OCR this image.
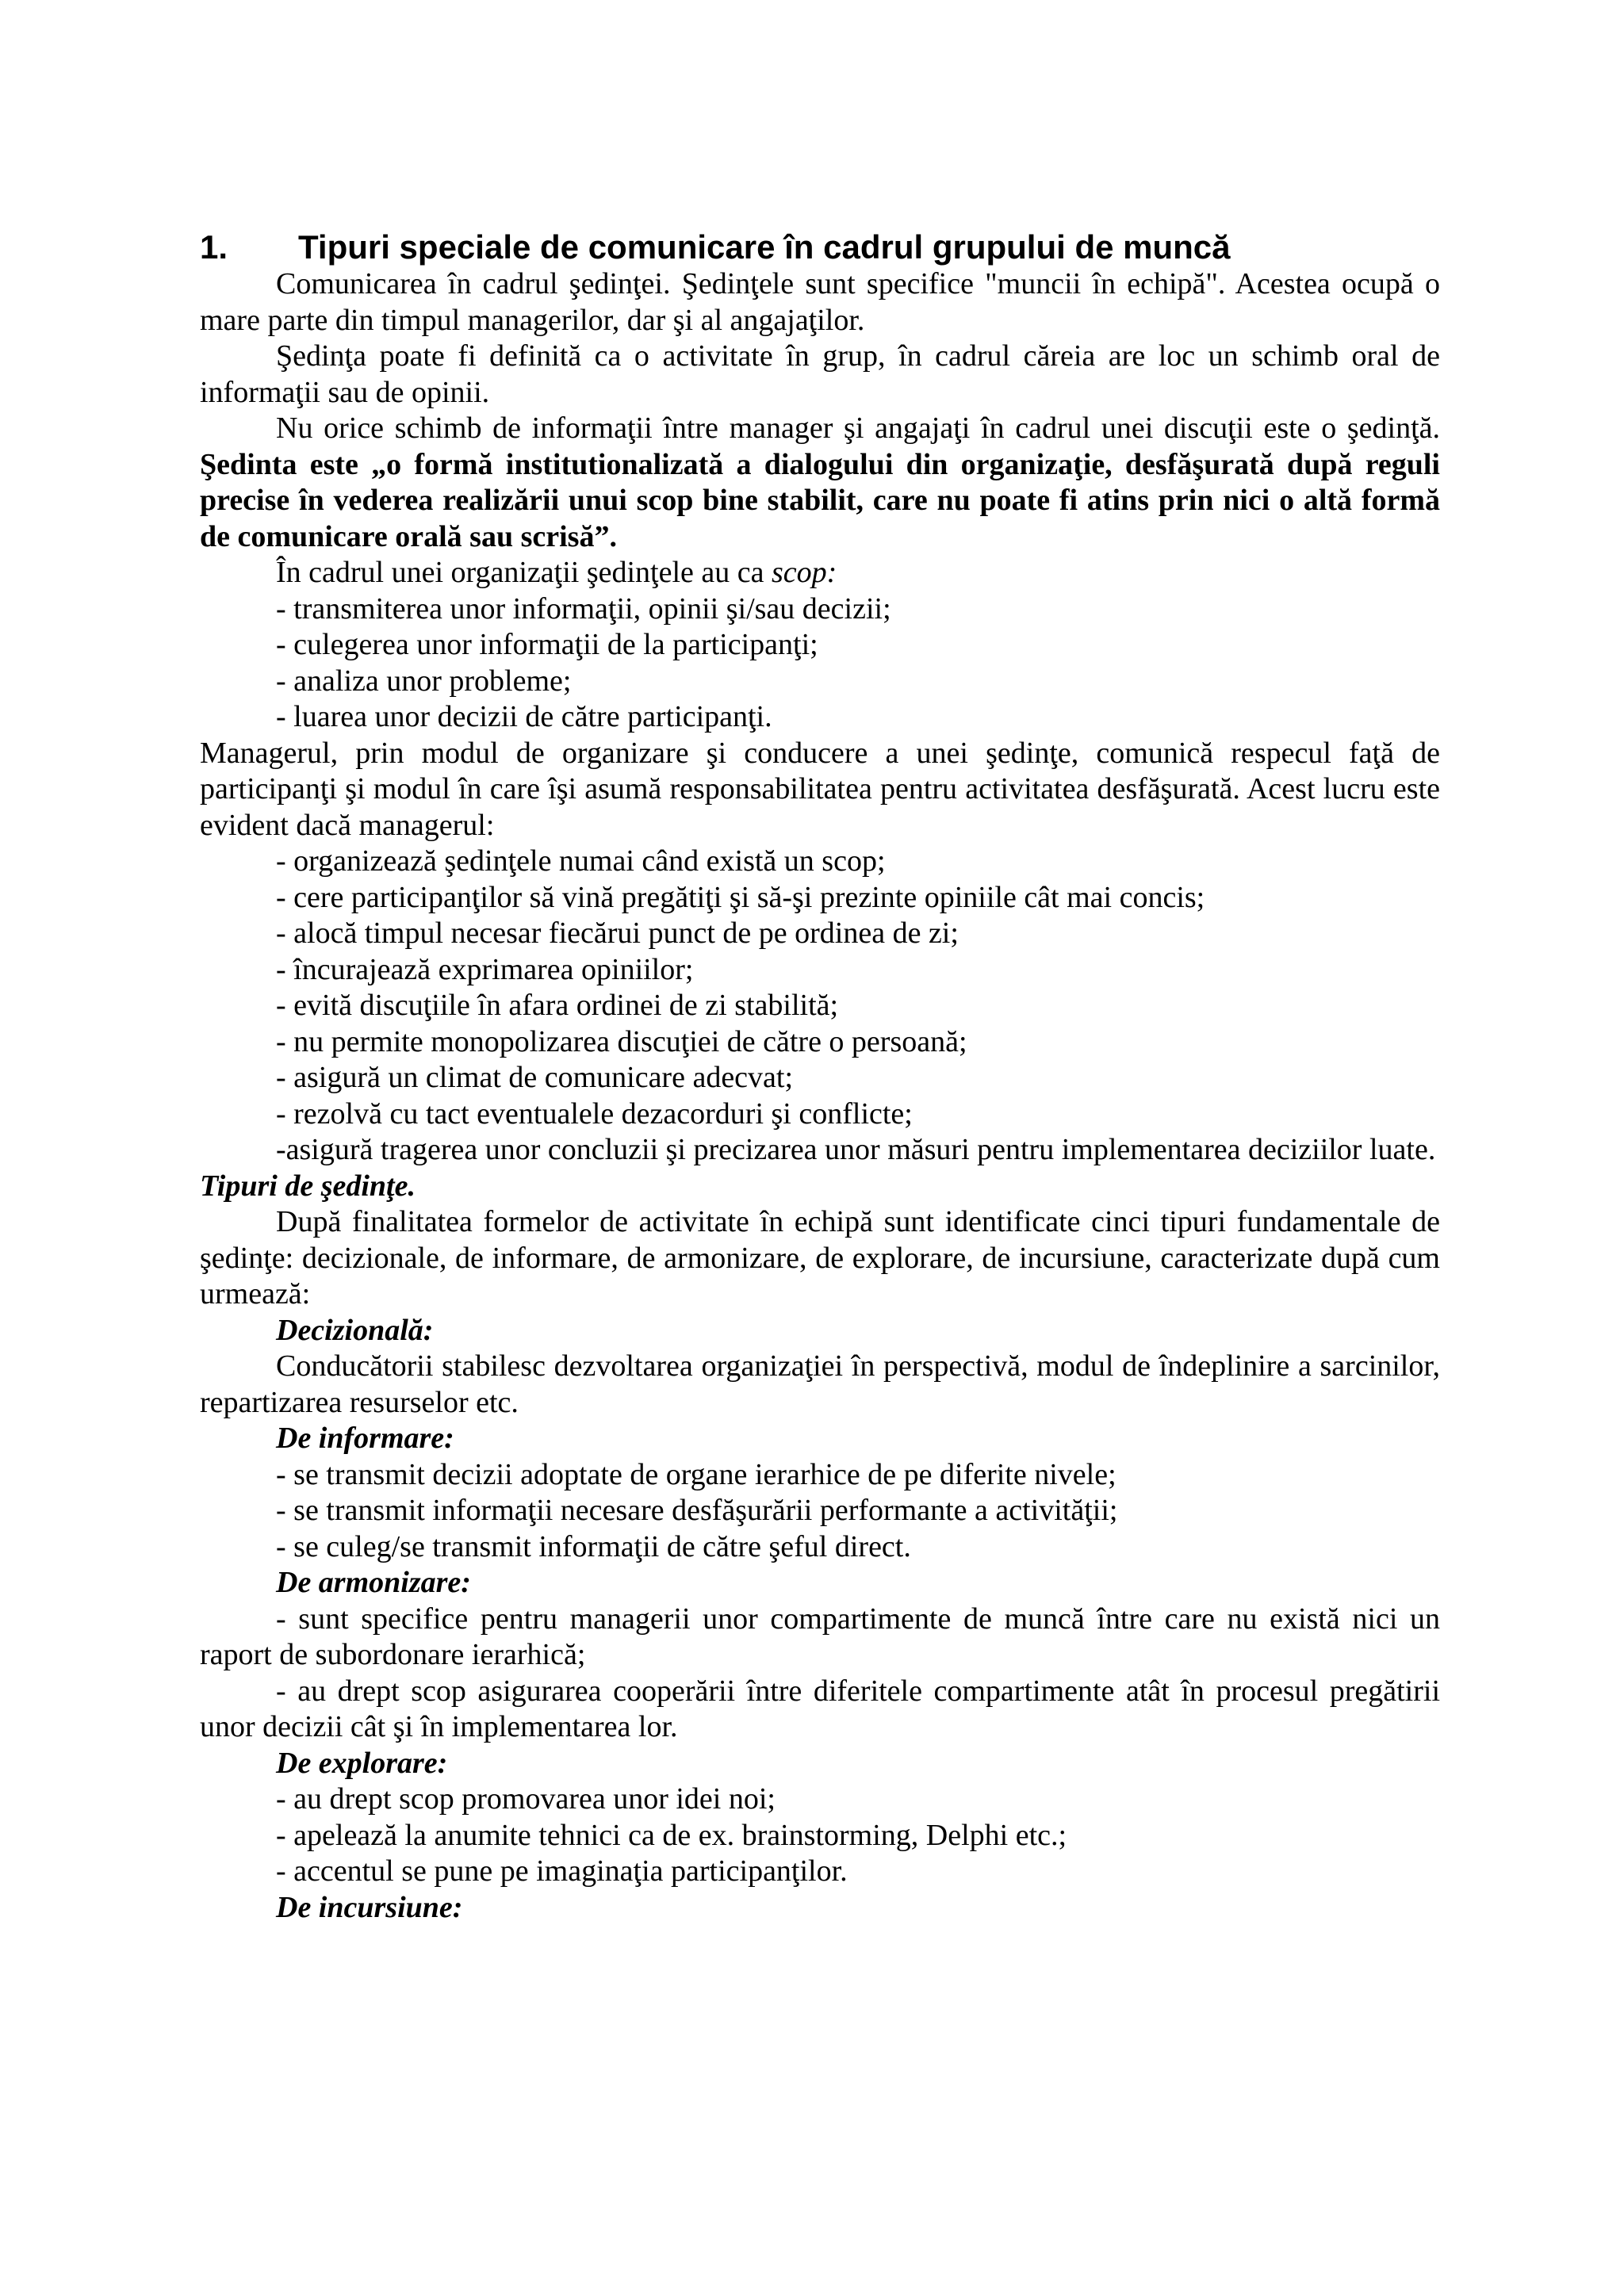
1.	Tipuri speciale de comunicare în cadrul grupului de muncă

Comunicarea în cadrul şedinţei. Şedinţele sunt specifice "muncii în echipă". Acestea ocupă o mare parte din timpul managerilor, dar şi al angajaţilor.

Şedinţa poate fi definită ca o activitate în grup, în cadrul căreia are loc un schimb oral de informaţii sau de opinii.

Nu orice schimb de informaţii între manager şi angajaţi în cadrul unei discuţii este o şedinţă. Şedinta este „o formă institutionalizată a dialogului din organizaţie, desfăşurată după reguli precise în vederea realizării unui scop bine stabilit, care nu poate fi atins prin nici o altă formă de comunicare orală sau scrisă”.

În cadrul unei organizaţii şedinţele au ca scop:

- transmiterea unor informaţii, opinii şi/sau decizii;

- culegerea unor informaţii de la participanţi;

- analiza unor probleme;

- luarea unor decizii de către participanţi.

Managerul, prin modul de organizare şi conducere a unei şedinţe, comunică respecul faţă de participanţi şi modul în care îşi asumă responsabilitatea pentru activitatea desfăşurată. Acest lucru este evident dacă managerul:

- organizează şedinţele numai când există un scop;

- cere participanţilor să vină pregătiţi şi să-şi prezinte opiniile cât mai concis;

- alocă timpul necesar fiecărui punct de pe ordinea de zi;

- încurajează exprimarea opiniilor;

- evită discuţiile în afara ordinei de zi stabilită;

- nu permite monopolizarea discuţiei de către o persoană;

- asigură un climat de comunicare adecvat;

- rezolvă cu tact eventualele dezacorduri şi conflicte;

-asigură tragerea unor concluzii şi precizarea unor măsuri pentru implementarea deciziilor luate.

Tipuri de şedinţe.

După finalitatea formelor de activitate în echipă sunt identificate cinci tipuri fundamentale de şedinţe: decizionale, de informare, de armonizare, de explorare, de incursiune, caracterizate după cum urmează:

Decizională:

Conducătorii stabilesc dezvoltarea organizaţiei în perspectivă, modul de îndeplinire a sarcinilor, repartizarea resurselor etc.

De informare:

- se transmit decizii adoptate de organe ierarhice de pe diferite nivele;

- se transmit informaţii necesare desfăşurării performante a activităţii;

- se culeg/se transmit informaţii de către şeful direct.

De armonizare:

- sunt specifice pentru managerii unor compartimente de muncă între care nu există nici un raport de subordonare ierarhică;

- au drept scop asigurarea cooperării între diferitele compartimente atât în procesul pregătirii unor decizii cât şi în implementarea lor.

De explorare:

- au drept scop promovarea unor idei noi;

- apelează la anumite tehnici ca de ex. brainstorming, Delphi etc.;

- accentul se pune pe imaginaţia participanţilor.

De incursiune:
